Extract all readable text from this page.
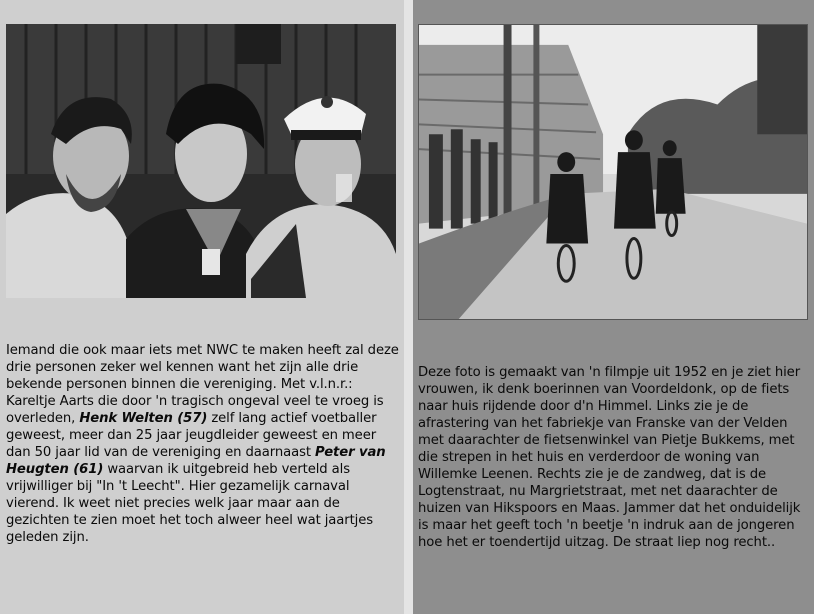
Iemand die ook maar iets met NWC te maken heeft zal deze drie personen zeker wel kennen want het zijn alle drie bekende personen binnen die vereniging. Met v.l.n.r.: Kareltje Aarts die door 'n tragisch ongeval veel te vroeg is overleden, Henk Welten (57) zelf lang actief voetballer geweest, meer dan 25 jaar jeugdleider geweest en meer dan 50 jaar lid van de vereniging en daarnaast Peter van Heugten (61) waarvan ik uitgebreid heb verteld als vrijwilliger bij "In 't Leecht". Hier gezamelijk carnaval vierend. Ik weet niet precies welk jaar maar aan de gezichten te zien moet het toch alweer heel wat jaartjes geleden zijn.

Deze foto is gemaakt van 'n filmpje uit 1952 en je ziet hier vrouwen, ik denk boerinnen van Voordeldonk, op de fiets naar huis rijdende door d'n Himmel. Links zie je de afrastering van het fabriekje van Franske van der Velden met daarachter de fietsenwinkel van Pietje Bukkems, met die strepen in het huis en verderdoor de woning van Willemke Leenen. Rechts zie je de zandweg, dat is de Logtenstraat, nu Margrietstraat, met net daarachter de huizen van Hikspoors en Maas. Jammer dat het onduidelijk is maar het geeft toch 'n beetje 'n indruk aan de jongeren hoe het er toendertijd uitzag. De straat liep nog recht..
